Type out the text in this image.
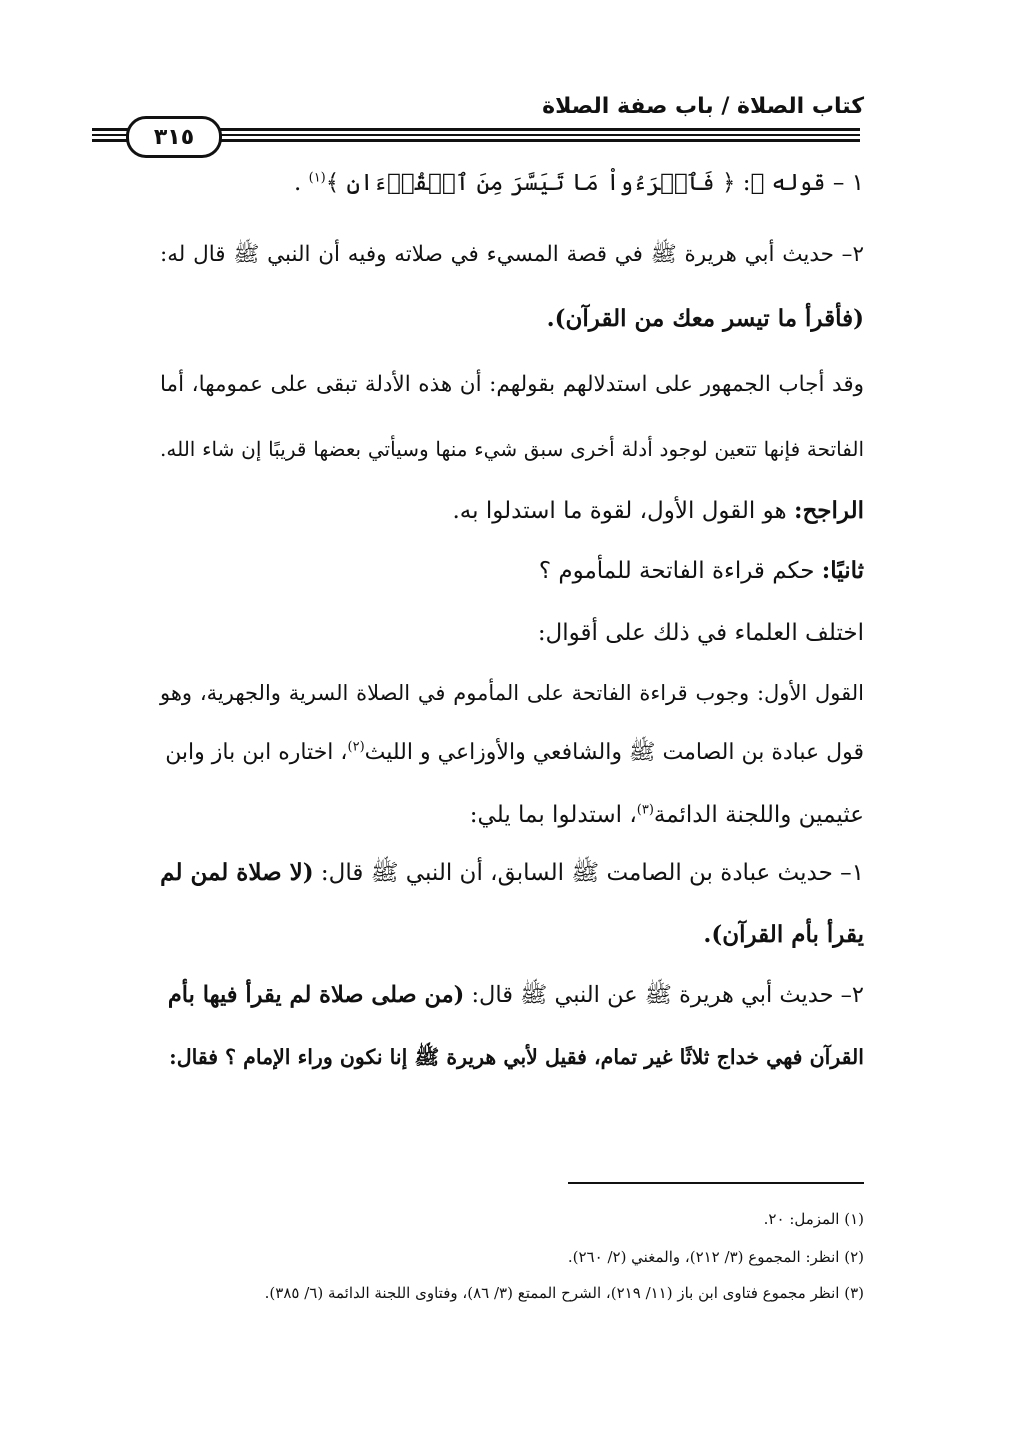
كتاب الصلاة / باب صفة الصلاة
٣١٥
١ – قوله ﷻ: ﴿ فَٱقۡرَءُواْ مَا تَيَسَّرَ مِنَ ٱلۡقُرۡءَانِ ﴾$^{(١)}$ .
٢– حديث أبي هريرة ﷺ في قصة المسيء في صلاته وفيه أن النبي ﷺ قال له:
(فأقرأ ما تيسر معك من القرآن).
وقد أجاب الجمهور على استدلالهم بقولهم: أن هذه الأدلة تبقى على عمومها، أما
الفاتحة فإنها تتعين لوجود أدلة أخرى سبق شيء منها وسيأتي بعضها قريبًا إن شاء الله.
الراجح: هو القول الأول، لقوة ما استدلوا به.
ثانيًا: حكم قراءة الفاتحة للمأموم ؟
اختلف العلماء في ذلك على أقوال:
القول الأول: وجوب قراءة الفاتحة على المأموم في الصلاة السرية والجهرية، وهو
قول عبادة بن الصامت ﷺ والشافعي والأوزاعي و الليث$^{(٢)}$، اختاره ابن باز وابن
عثيمين واللجنة الدائمة$^{(٣)}$، استدلوا بما يلي:
١– حديث عبادة بن الصامت ﷺ السابق، أن النبي ﷺ قال: (لا صلاة لمن لم
يقرأ بأم القرآن).
٢– حديث أبي هريرة ﷺ عن النبي ﷺ قال: (من صلى صلاة لم يقرأ فيها بأم
القرآن فهي خداج ثلاثًا غير تمام، فقيل لأبي هريرة ﷺ إنا نكون وراء الإمام ؟ فقال:
(١) المزمل: ٢٠.
(٢) انظر: المجموع (٣/ ٢١٢)، والمغني (٢/ ٢٦٠).
(٣) انظر مجموع فتاوى ابن باز (١١/ ٢١٩)، الشرح الممتع (٣/ ٨٦)، وفتاوى اللجنة الدائمة (٦/ ٣٨٥).
